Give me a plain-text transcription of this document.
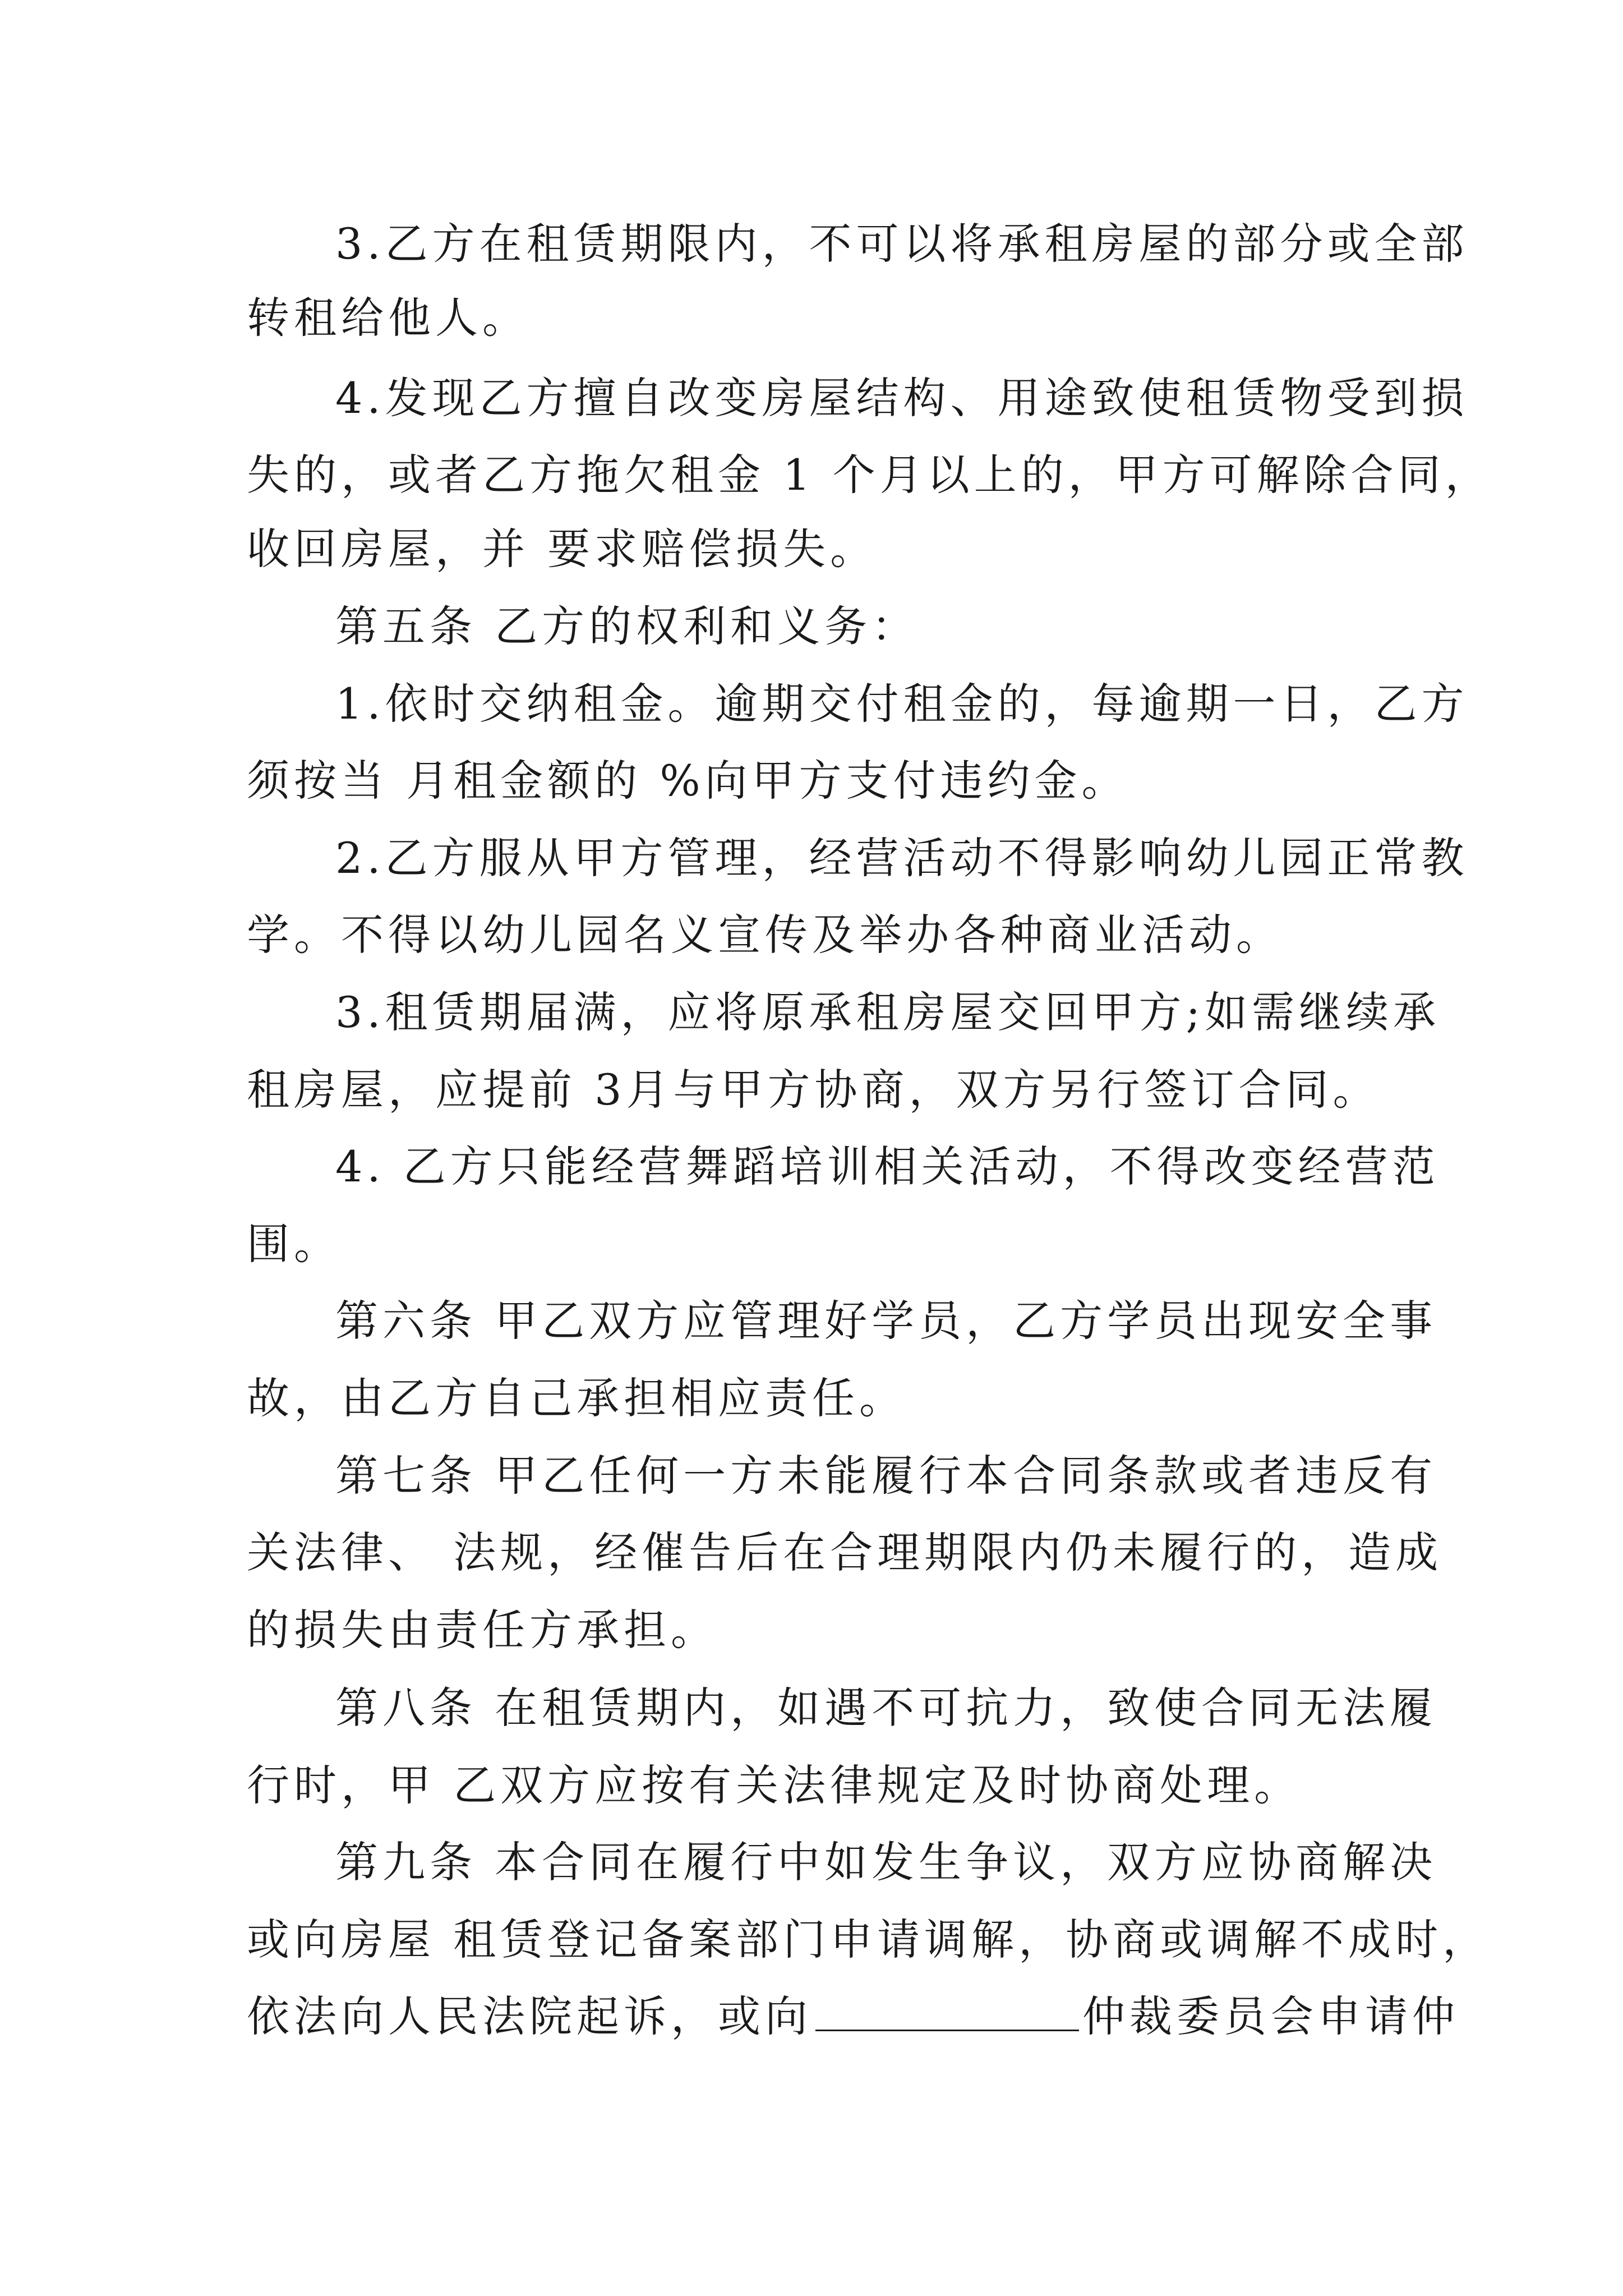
3.乙方在租赁期限内，不可以将承租房屋的部分或全部
转租给他人。
4.发现乙方擅自改变房屋结构、用途致使租赁物受到损
失的，或者乙方拖欠租金 1 个月以上的，甲方可解除合同，
收回房屋，并 要求赔偿损失。
第五条 乙方的权利和义务：
1.依时交纳租金。逾期交付租金的，每逾期一日，乙方
须按当 月租金额的 %向甲方支付违约金。
2.乙方服从甲方管理，经营活动不得影响幼儿园正常教
学。不得以幼儿园名义宣传及举办各种商业活动。
3.租赁期届满，应将原承租房屋交回甲方;如需继续承
租房屋，应提前 3月与甲方协商，双方另行签订合同。
4. 乙方只能经营舞蹈培训相关活动，不得改变经营范
围。
第六条 甲乙双方应管理好学员，乙方学员出现安全事
故，由乙方自己承担相应责任。
第七条 甲乙任何一方未能履行本合同条款或者违反有
关法律、 法规，经催告后在合理期限内仍未履行的，造成
的损失由责任方承担。
第八条 在租赁期内，如遇不可抗力，致使合同无法履
行时，甲 乙双方应按有关法律规定及时协商处理。
第九条 本合同在履行中如发生争议，双方应协商解决
或向房屋 租赁登记备案部门申请调解，协商或调解不成时，
依法向人民法院起诉，或向	仲裁委员会申请仲
